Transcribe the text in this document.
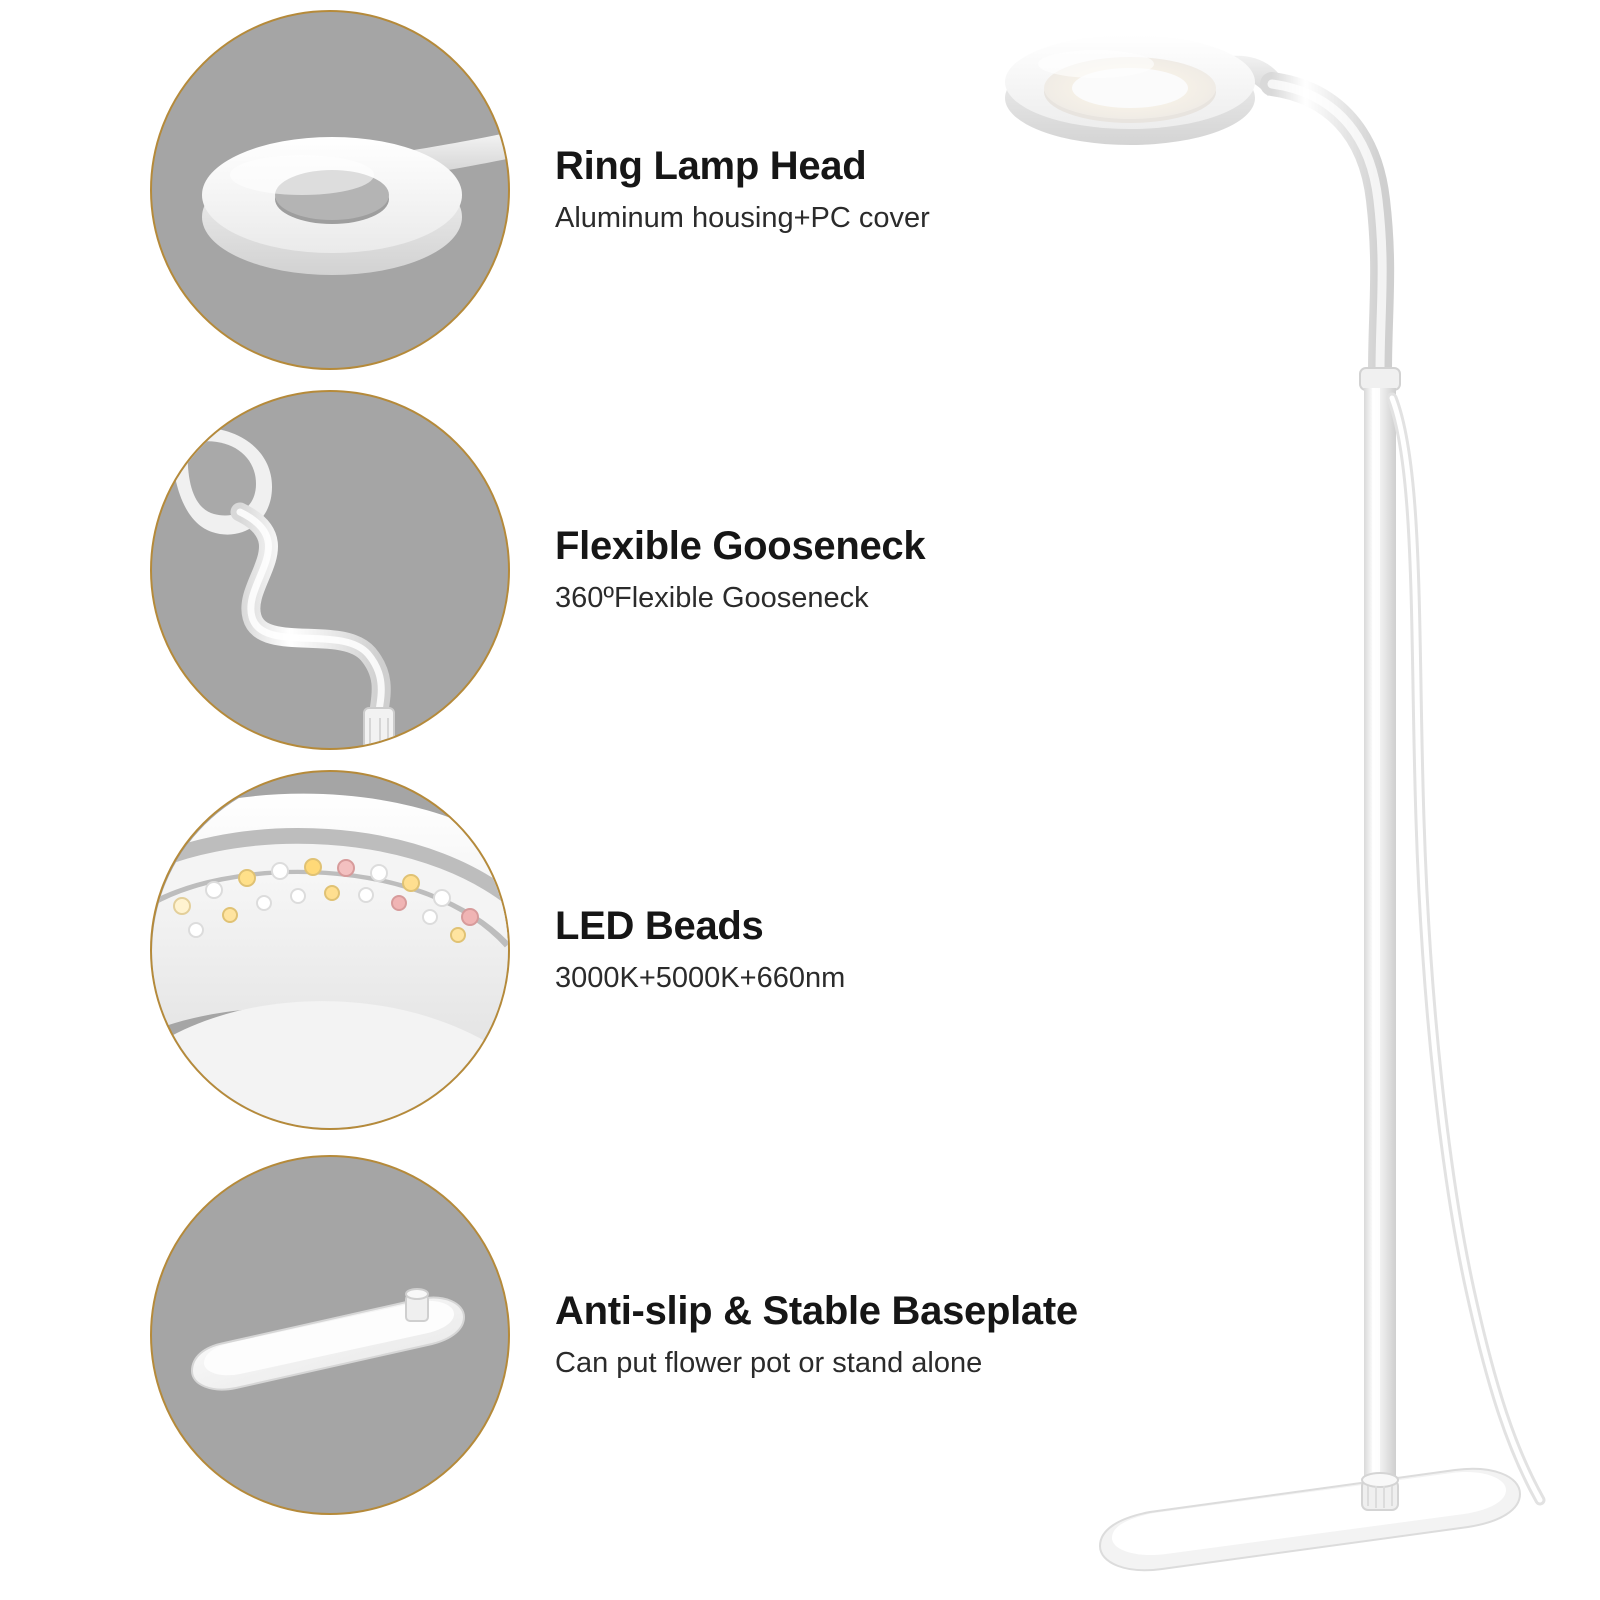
Ring Lamp Head

Aluminum housing+PC cover

Flexible Gooseneck

360ºFlexible Gooseneck

LED Beads

3000K+5000K+660nm

Anti-slip & Stable Baseplate

Can put flower pot or stand alone
